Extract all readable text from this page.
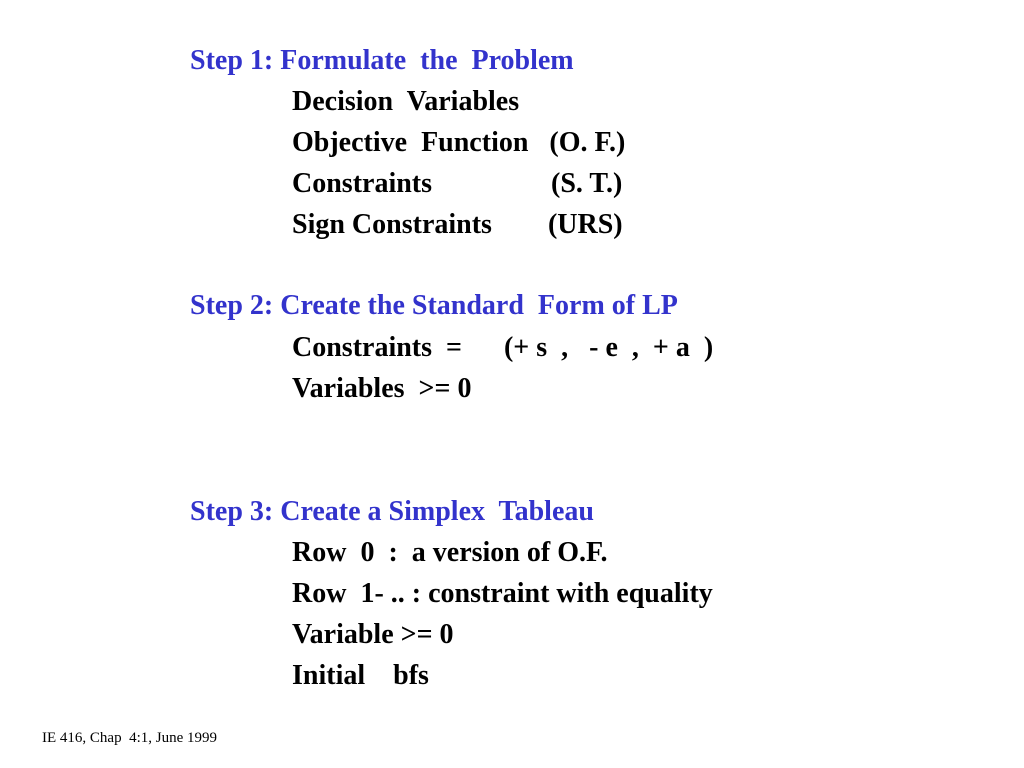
Step 1: Formulate  the  Problem
Decision  Variables
Objective  Function   (O. F.)
Constraints                 (S. T.)
Sign Constraints        (URS)
Step 2: Create the Standard  Form of LP
Constraints  =      (+ s  ,   - e  ,  + a  )
Variables  >= 0
Step 3: Create a Simplex  Tableau
Row  0  :  a version of O.F.
Row  1- .. : constraint with equality
Variable >= 0
Initial    bfs
IE 416, Chap  4:1, June 1999
